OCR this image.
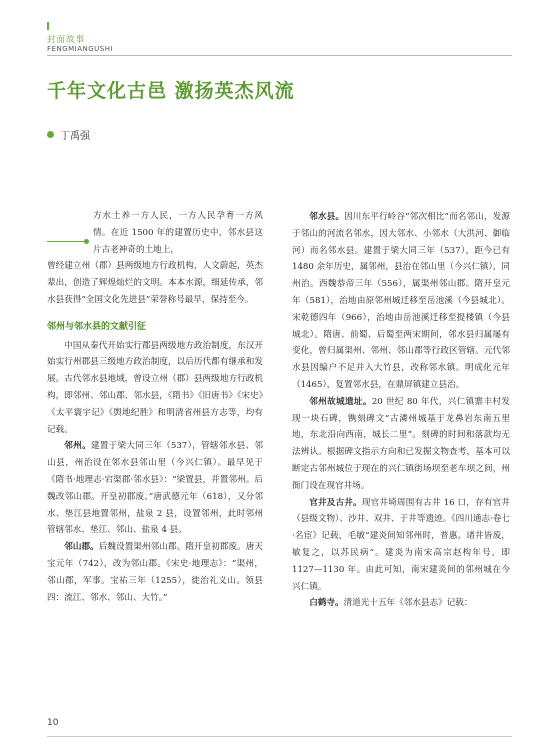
封面故事
FENGMIANGUSHI
千年文化古邑 激扬英杰风流
丁禹强

方水土养一方人民，一方人民孕育一方风情。在近 1500 年的建置历史中，邻水县这片古老神奇的土地上，

曾经建立州（郡）县两级地方行政机构，人文蔚起，英杰辈出，创造了辉煌灿烂的文明。本本水源，细延传承，邻水县获得“全国文化先进县”荣誉称号最早，保持至今。

邻州与邻水县的文献引征

中国从秦代开始实行郡县两级地方政治制度，东汉开始实行州郡县三级地方政治制度，以后历代都有继承和发展。古代邻水县地域，曾设立州（郡）县两级地方行政机构，即邻州、邻山郡、邻水县，《隋书》《旧唐书》《宋史》《太平寰宇记》《舆地纪胜》和明清省州县方志等，均有记载。

邻州。建置于梁大同三年（537），管辖邻水县、邻山县，州治设在邻水县邻山里（今兴仁镇）。最早见于《隋书·地理志·宕渠郡·邻水县》：“梁置县，并置邻州。后魏改邻山郡。开皇初郡废。”唐武德元年（618），又分邻水、垫江县地置邻州，盐泉 2 县，设置邻州，此时邻州管辖邻水、垫江、邻山、盐泉 4 县。

邻山郡。后魏设置渠州邻山郡。隋开皇初郡废。唐天宝元年（742），改为邻山郡。《宋史·地理志》：“渠州，邻山郡，军事。宝祐三年（1255），徙治礼义山。领县四：流江、邻水、邻山、大竹。”

邻水县。因川东平行岭谷“邻次相比”而名邻山，发源于邻山的河流名邻水，因大邻水、小邻水（大洪河、御临河）而名邻水县。建置于梁大同三年（537），距今已有 1480 余年历史，属邻州，县治在邻山里（今兴仁镇），同州治。西魏恭帝三年（556），属渠州邻山郡。隋开皇元年（581），治地由原邻州城迁移至岳池溪（今县城北）。宋乾德四年（966），治地由岳池溪迁移至提楼镇（今县城北）。隋唐、前蜀、后蜀至两宋期间，邻水县归属屡有变化，曾归属渠州、邻州、邻山郡等行政区管辖。元代邻水县因编户不足并入大竹县，改称邻水镇。明成化元年（1465），复置邻水县，在鼎屏镇建立县治。

邻州故城遗址。20 世纪 80 年代，兴仁镇寨丰村发现一块石碑，镌刻碑文“古潾州城基于龙鼻岩东南五里地，东北沿向西南，城长二里”。刻碑的时间和落款均无法辨认。根据碑文指示方向和已发掘文物查考，基本可以断定古邻州城位于现在的兴仁镇街场坝至老车坝之间，州衙门设在现官井场。

官井及古井。现官井埼周围有古井 16 口，存有官井（县级文物）、沙井、双井、于井等遗迹。《四川通志·卷七·名宦》记载，毛敏“建炎间知邻州时，普惠。诸井皆废，敏复之，以苏民病”。建炎为南宋高宗赵构年号，即 1127—1130 年。由此可知，南宋建炎间的邻州城在今兴仁镇。

白鹤寺。清道光十五年《邻水县志》记载：

10
